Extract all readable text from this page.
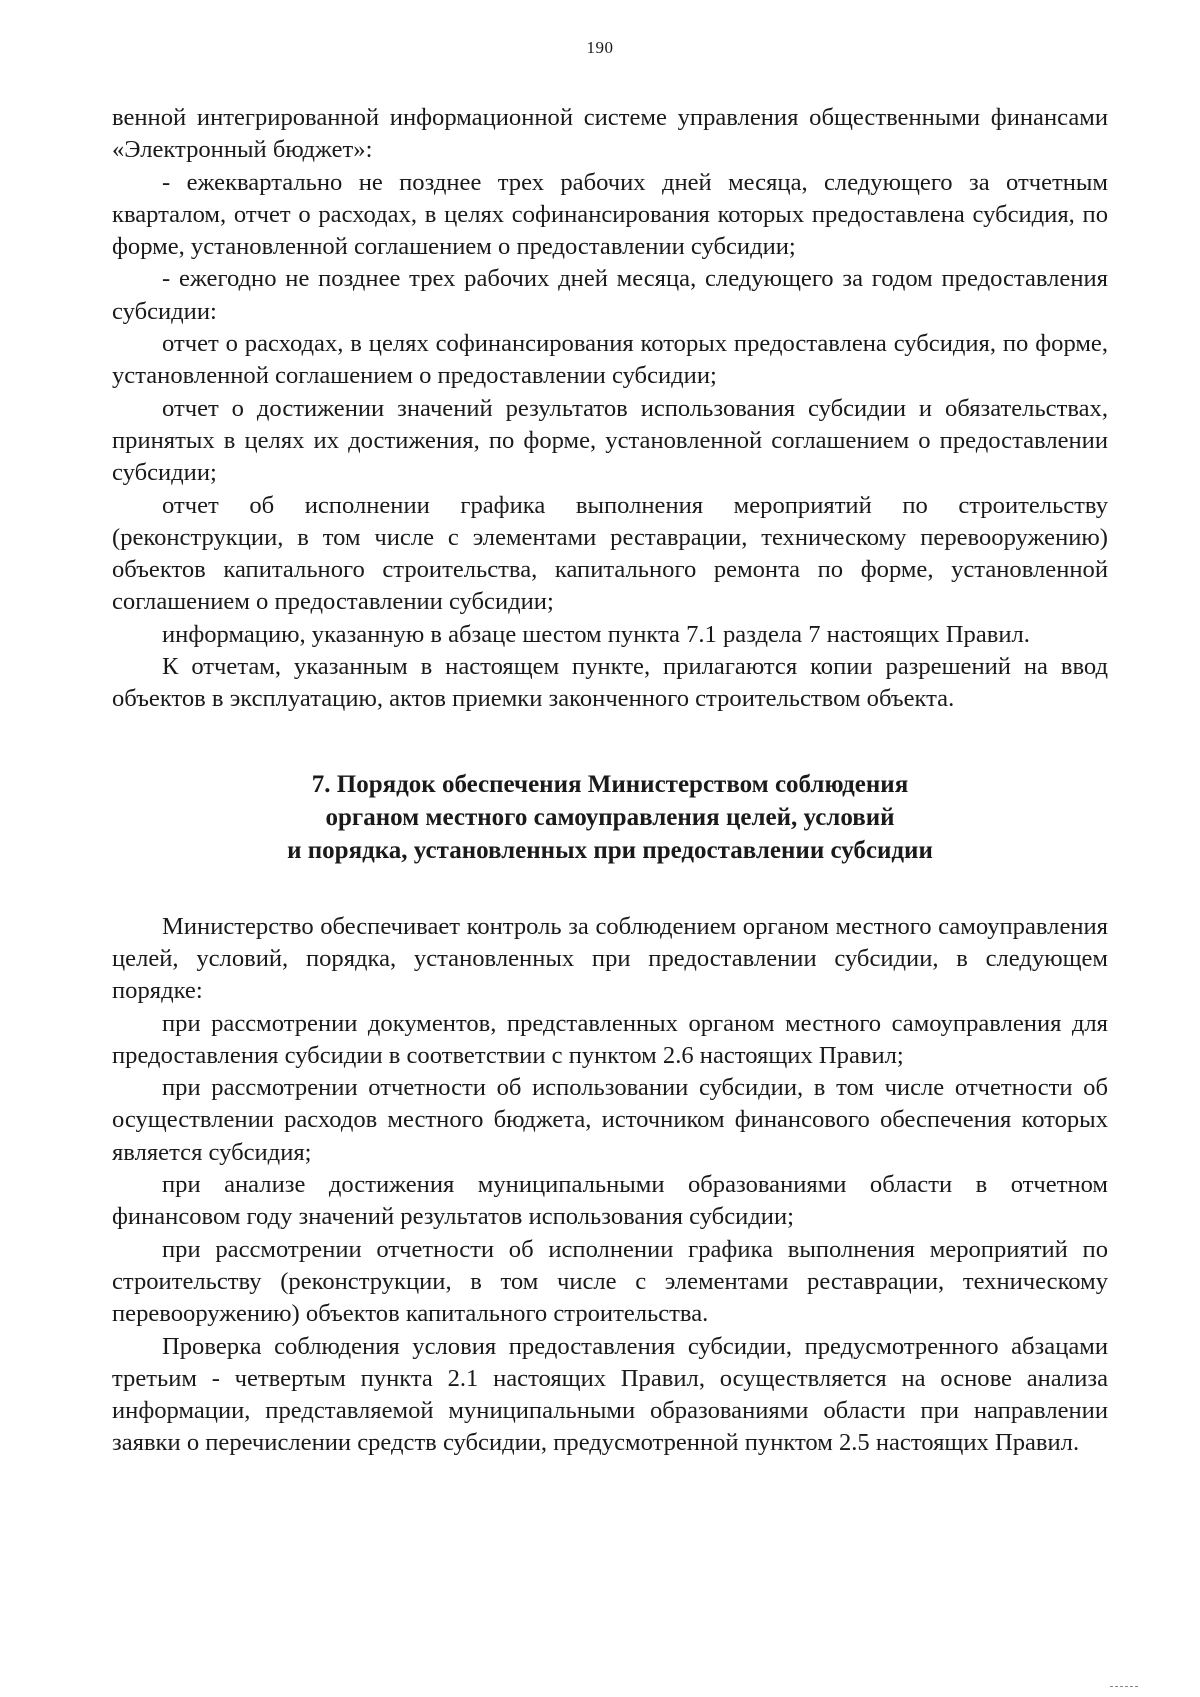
190

венной интегрированной информационной системе управления общественными финансами «Электронный бюджет»:

- ежеквартально не позднее трех рабочих дней месяца, следующего за отчетным кварталом, отчет о расходах, в целях софинансирования которых предоставлена субсидия, по форме, установленной соглашением о предоставлении субсидии;

- ежегодно не позднее трех рабочих дней месяца, следующего за годом предоставления субсидии:

отчет о расходах, в целях софинансирования которых предоставлена субсидия, по форме, установленной соглашением о предоставлении субсидии;

отчет о достижении значений результатов использования субсидии и обязательствах, принятых в целях их достижения, по форме, установленной соглашением о предоставлении субсидии;

отчет об исполнении графика выполнения мероприятий по строительству (реконструкции, в том числе с элементами реставрации, техническому перевооружению) объектов капитального строительства, капитального ремонта по форме, установленной соглашением о предоставлении субсидии;

информацию, указанную в абзаце шестом пункта 7.1 раздела 7 настоящих Правил.

К отчетам, указанным в настоящем пункте, прилагаются копии разрешений на ввод объектов в эксплуатацию, актов приемки законченного строительством объекта.

7. Порядок обеспечения Министерством соблюдения
органом местного самоуправления целей, условий
и порядка, установленных при предоставлении субсидии

Министерство обеспечивает контроль за соблюдением органом местного самоуправления целей, условий, порядка, установленных при предоставлении субсидии, в следующем порядке:

при рассмотрении документов, представленных органом местного самоуправления для предоставления субсидии в соответствии с пунктом 2.6 настоящих Правил;

при рассмотрении отчетности об использовании субсидии, в том числе отчетности об осуществлении расходов местного бюджета, источником финансового обеспечения которых является субсидия;

при анализе достижения муниципальными образованиями области в отчетном финансовом году значений результатов использования субсидии;

при рассмотрении отчетности об исполнении графика выполнения мероприятий по строительству (реконструкции, в том числе с элементами реставрации, техническому перевооружению) объектов капитального строительства.

Проверка соблюдения условия предоставления субсидии, предусмотренного абзацами третьим - четвертым пункта 2.1 настоящих Правил, осуществляется на основе анализа информации, представляемой муниципальными образованиями области при направлении заявки о перечислении средств субсидии, предусмотренной пунктом 2.5 настоящих Правил.
